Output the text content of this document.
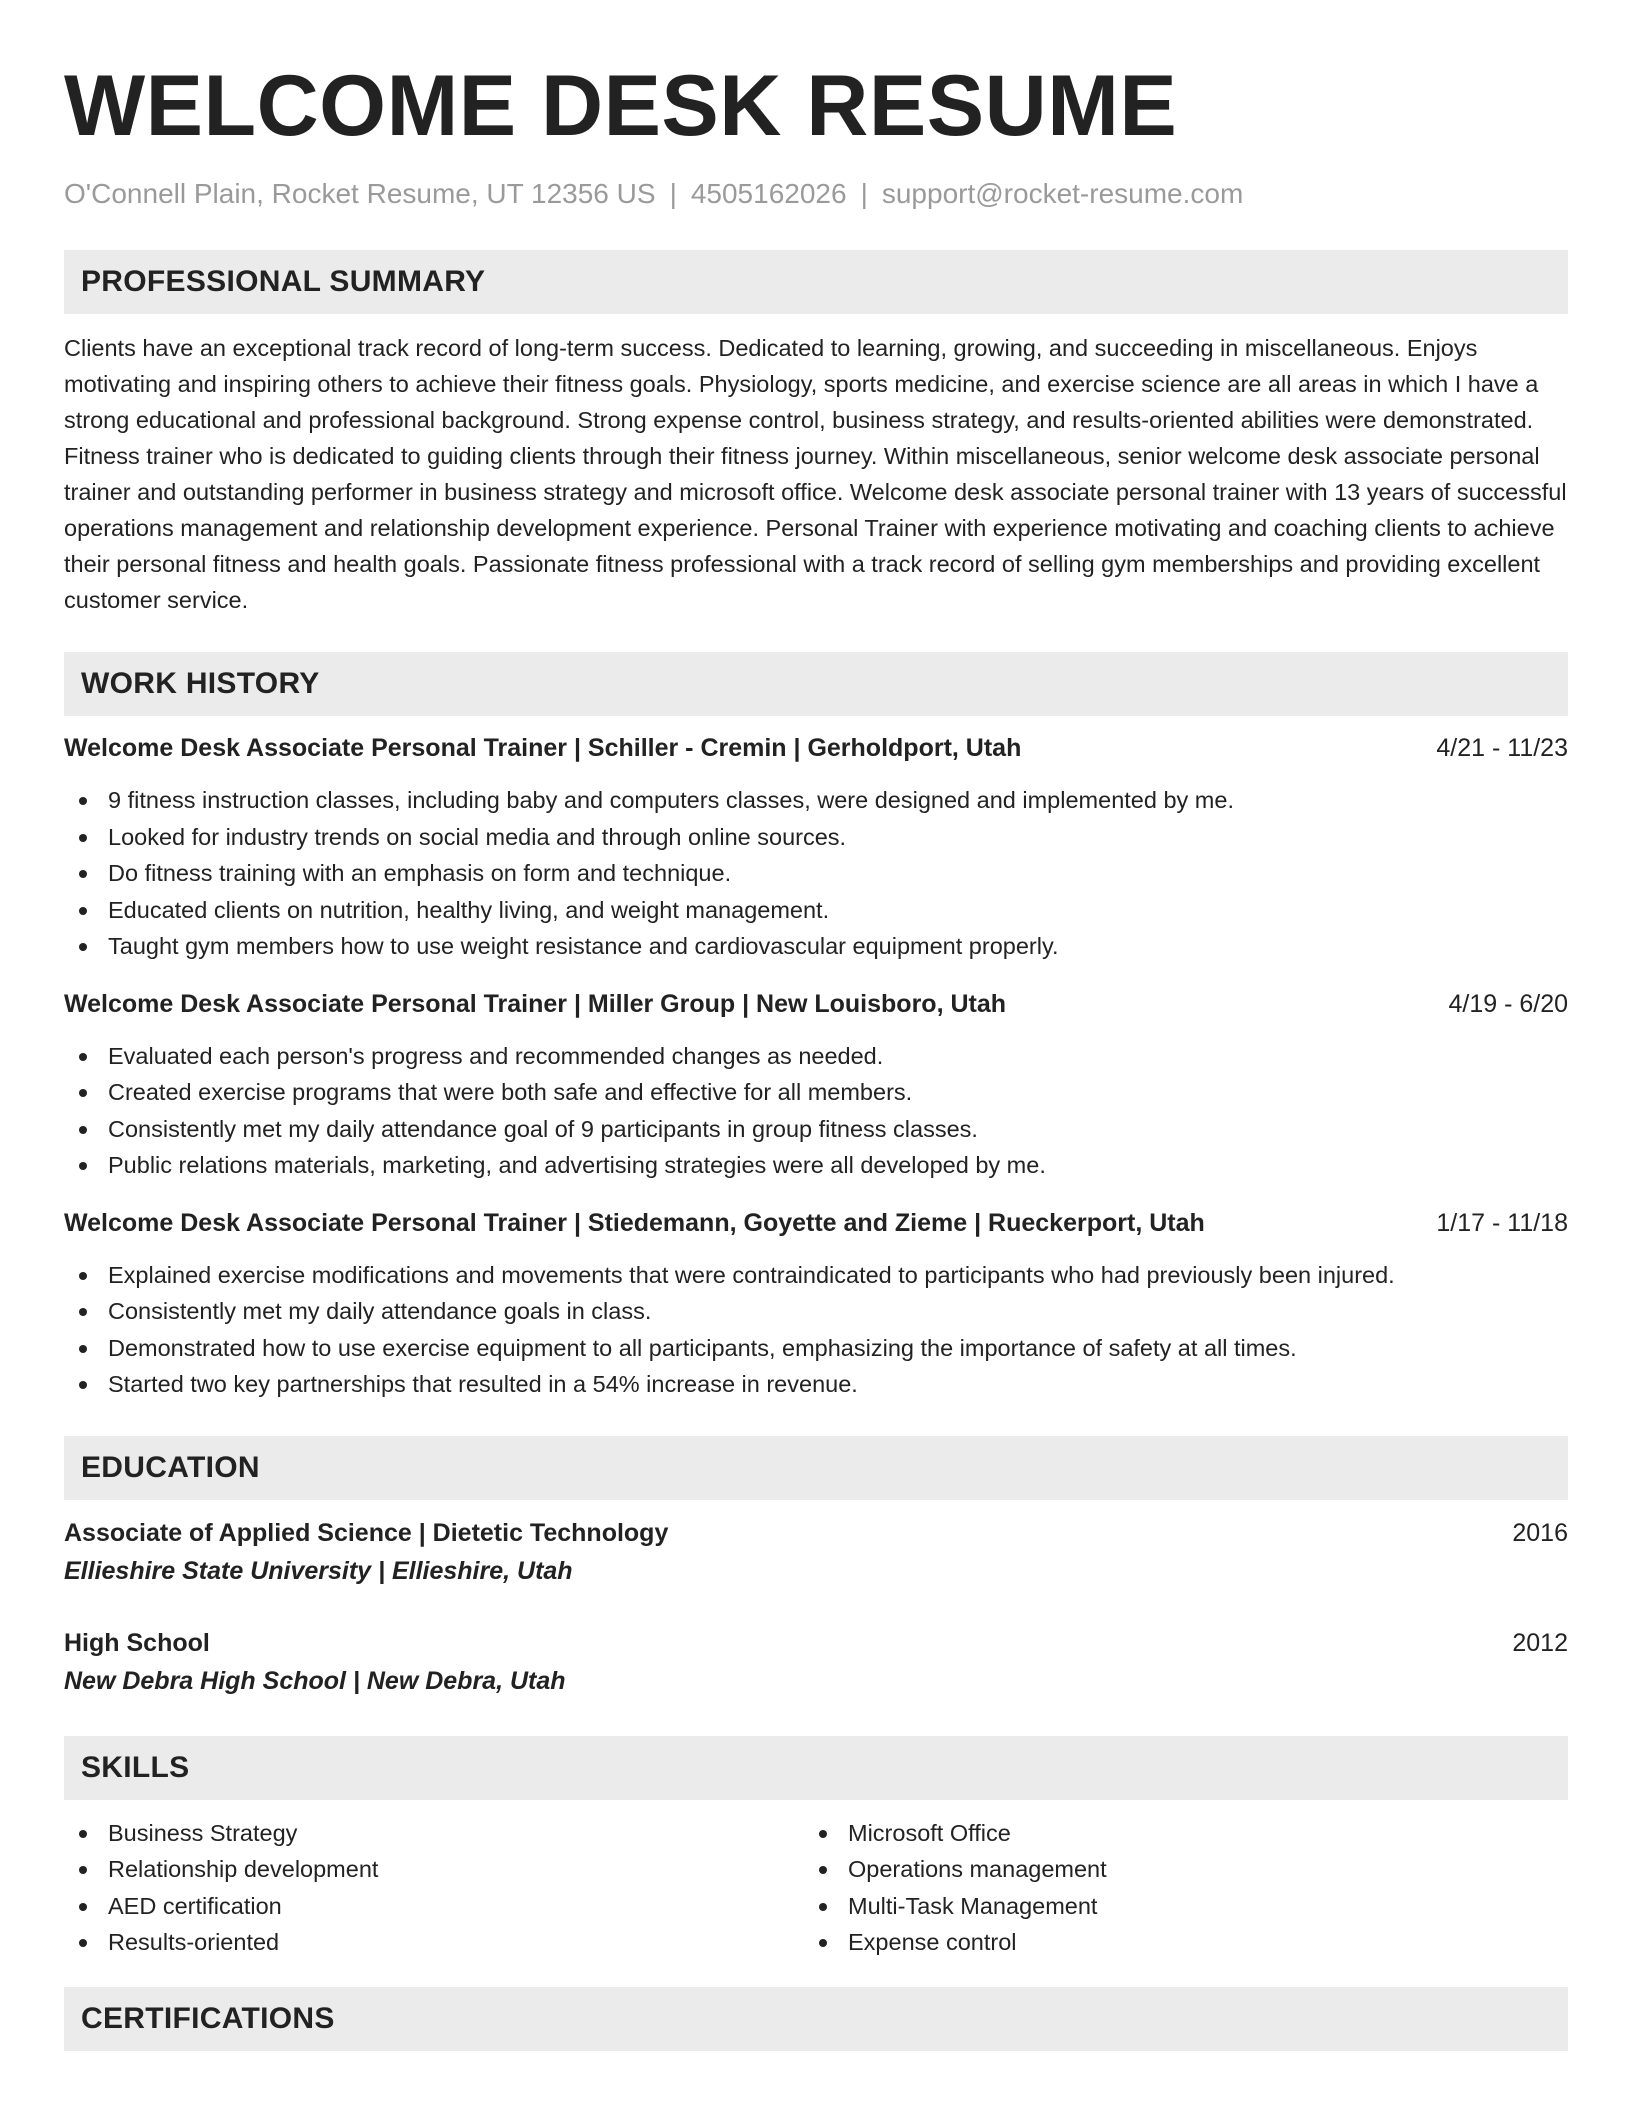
WELCOME DESK RESUME
O'Connell Plain, Rocket Resume, UT 12356 US | 4505162026 | support@rocket-resume.com
PROFESSIONAL SUMMARY
Clients have an exceptional track record of long-term success. Dedicated to learning, growing, and succeeding in miscellaneous. Enjoys motivating and inspiring others to achieve their fitness goals. Physiology, sports medicine, and exercise science are all areas in which I have a strong educational and professional background. Strong expense control, business strategy, and results-oriented abilities were demonstrated. Fitness trainer who is dedicated to guiding clients through their fitness journey. Within miscellaneous, senior welcome desk associate personal trainer and outstanding performer in business strategy and microsoft office. Welcome desk associate personal trainer with 13 years of successful operations management and relationship development experience. Personal Trainer with experience motivating and coaching clients to achieve their personal fitness and health goals. Passionate fitness professional with a track record of selling gym memberships and providing excellent customer service.
WORK HISTORY
Welcome Desk Associate Personal Trainer | Schiller - Cremin | Gerholdport, Utah	4/21 - 11/23
9 fitness instruction classes, including baby and computers classes, were designed and implemented by me.
Looked for industry trends on social media and through online sources.
Do fitness training with an emphasis on form and technique.
Educated clients on nutrition, healthy living, and weight management.
Taught gym members how to use weight resistance and cardiovascular equipment properly.
Welcome Desk Associate Personal Trainer | Miller Group | New Louisboro, Utah	4/19 - 6/20
Evaluated each person's progress and recommended changes as needed.
Created exercise programs that were both safe and effective for all members.
Consistently met my daily attendance goal of 9 participants in group fitness classes.
Public relations materials, marketing, and advertising strategies were all developed by me.
Welcome Desk Associate Personal Trainer | Stiedemann, Goyette and Zieme | Rueckerport, Utah	1/17 - 11/18
Explained exercise modifications and movements that were contraindicated to participants who had previously been injured.
Consistently met my daily attendance goals in class.
Demonstrated how to use exercise equipment to all participants, emphasizing the importance of safety at all times.
Started two key partnerships that resulted in a 54% increase in revenue.
EDUCATION
Associate of Applied Science | Dietetic Technology	2016
Ellieshire State University | Ellieshire, Utah
High School	2012
New Debra High School | New Debra, Utah
SKILLS
Business Strategy
Relationship development
AED certification
Results-oriented
Microsoft Office
Operations management
Multi-Task Management
Expense control
CERTIFICATIONS
